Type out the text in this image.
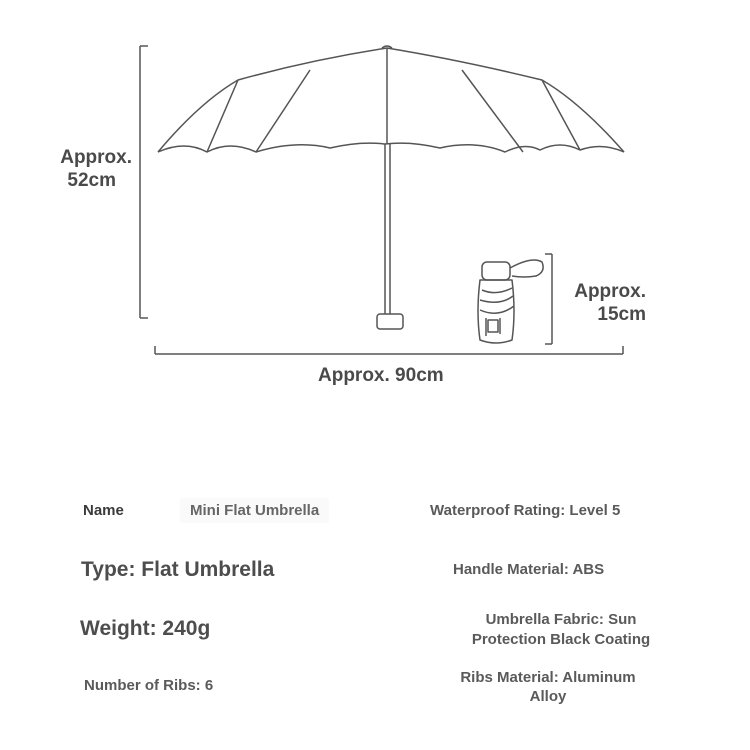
Approx.
52cm
Approx.
15cm
Approx. 90cm
Name	Mini Flat Umbrella
Type: Flat Umbrella
Weight: 240g
Number of Ribs: 6
Waterproof Rating: Level 5
Handle Material: ABS
Umbrella Fabric: Sun
Protection Black Coating
Ribs Material: Aluminum
Alloy
